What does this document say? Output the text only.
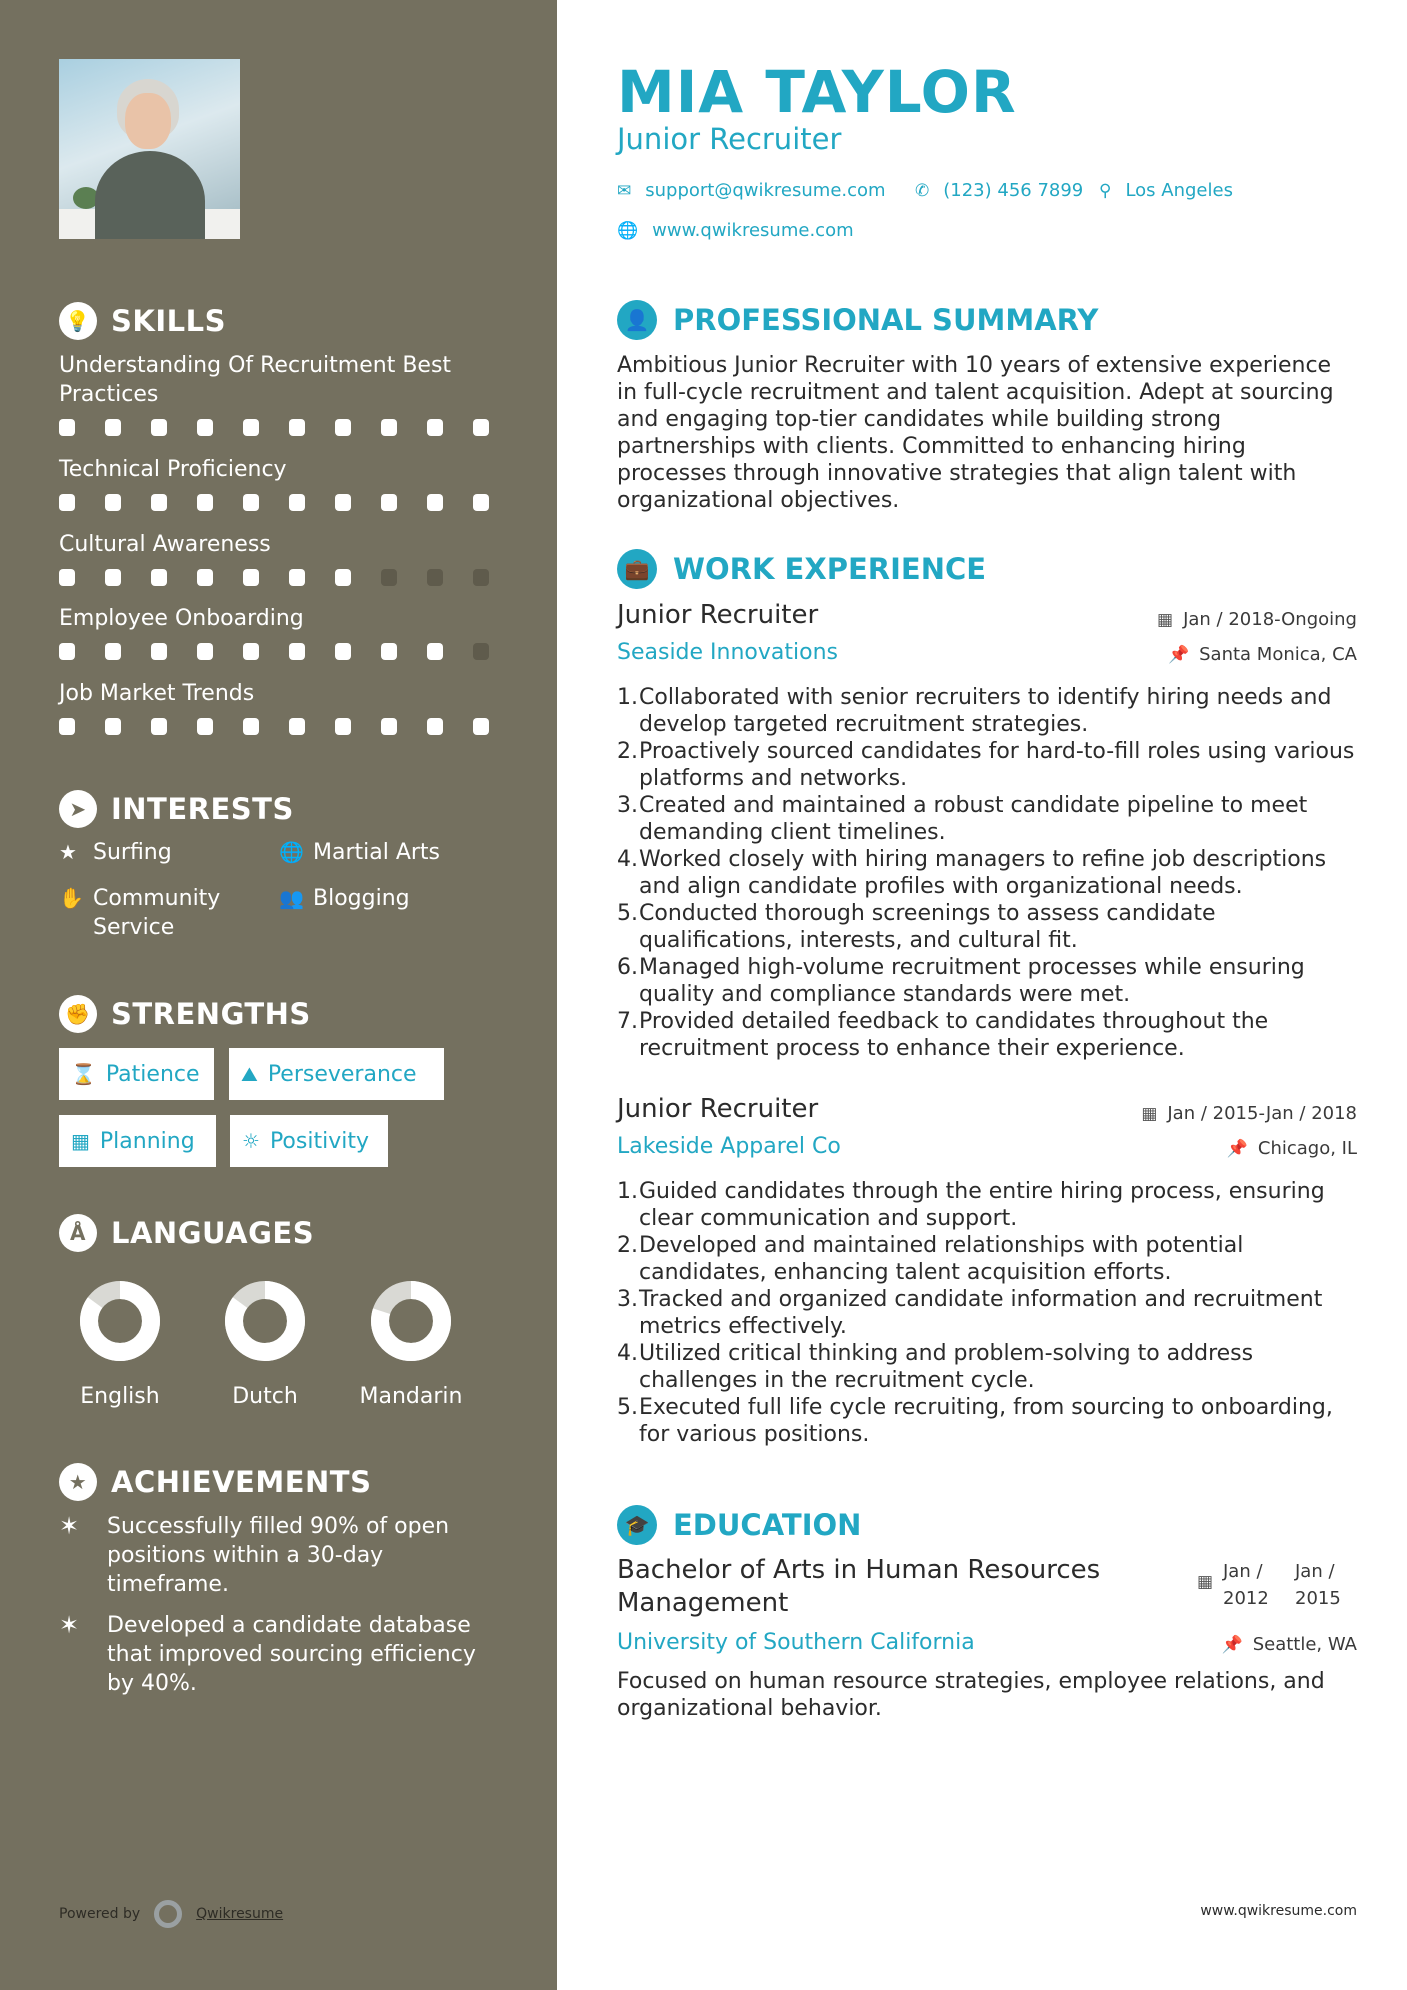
💡 SKILLS
Understanding Of Recruitment Best Practices
Technical Proficiency
Cultural Awareness
Employee Onboarding
Job Market Trends
➤ INTERESTS
★ Surfing	🌐 Martial Arts
✋ Community Service
👥 Blogging
✊ STRENGTHS
⌛ Patience ⛰ Perseverance
▦ Planning ☼ Positivity
Å LANGUAGES
English	Dutch	Mandarin
★ ACHIEVEMENTS
✶	Successfully filled 90% of open positions within a 30-day timeframe.
✶	Developed a candidate database that improved sourcing efficiency by 40%.
Powered by	Qwikresume
MIA TAYLOR
Junior Recruiter
✉ support@qwikresume.com ✆ (123) 456 7899 ⚲ Los Angeles
🌐 www.qwikresume.com
👤 PROFESSIONAL SUMMARY
Ambitious Junior Recruiter with 10 years of extensive experience in full-cycle recruitment and talent acquisition. Adept at sourcing and engaging top-tier candidates while building strong partnerships with clients. Committed to enhancing hiring processes through innovative strategies that align talent with organizational objectives.
💼 WORK EXPERIENCE
Junior Recruiter	▦ Jan / 2018-Ongoing
Seaside Innovations	📌 Santa Monica, CA
1. Collaborated with senior recruiters to identify hiring needs and develop targeted recruitment strategies.
2. Proactively sourced candidates for hard-to-fill roles using various platforms and networks.
3. Created and maintained a robust candidate pipeline to meet demanding client timelines.
4. Worked closely with hiring managers to refine job descriptions and align candidate profiles with organizational needs.
5. Conducted thorough screenings to assess candidate qualifications, interests, and cultural fit.
6. Managed high-volume recruitment processes while ensuring quality and compliance standards were met.
7. Provided detailed feedback to candidates throughout the recruitment process to enhance their experience.
Junior Recruiter	▦ Jan / 2015-Jan / 2018
Lakeside Apparel Co	📌 Chicago, IL
1. Guided candidates through the entire hiring process, ensuring clear communication and support.
2. Developed and maintained relationships with potential candidates, enhancing talent acquisition efforts.
3. Tracked and organized candidate information and recruitment metrics effectively.
4. Utilized critical thinking and problem-solving to address challenges in the recruitment cycle.
5. Executed full life cycle recruiting, from sourcing to onboarding, for various positions.
🎓 EDUCATION
Bachelor of Arts in Human Resources Management
▦ Jan / 2012
Jan / 2015
University of Southern California	📌 Seattle, WA
Focused on human resource strategies, employee relations, and organizational behavior.
www.qwikresume.com
